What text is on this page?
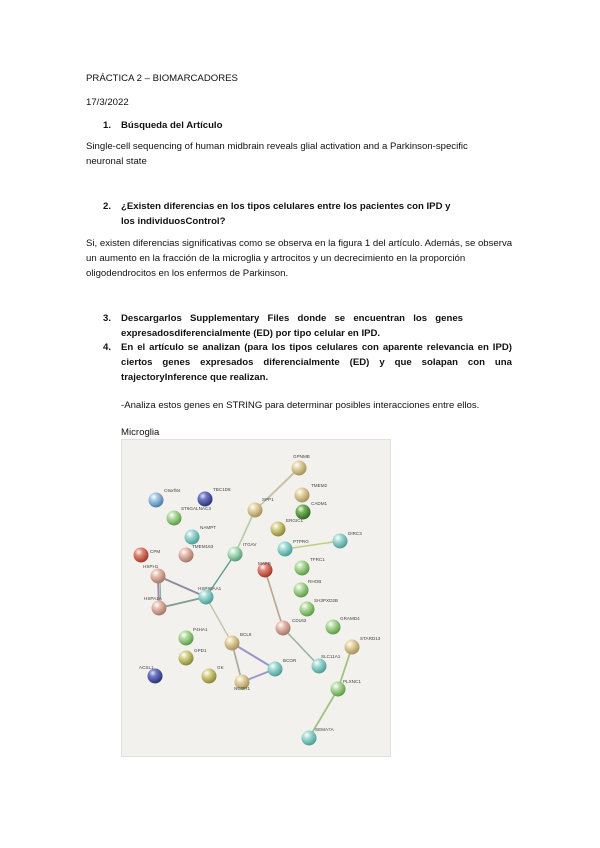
PRÁCTICA 2 – BIOMARCADORES
17/3/2022
1. Búsqueda del Artículo
Single-cell sequencing of human midbrain reveals glial activation and a Parkinson-specific neuronal state
2. ¿Existen diferencias en los tipos celulares entre los pacientes con IPD y los individuosControl?
Si, existen diferencias significativas como se observa en la figura 1 del artículo. Además, se observa un aumento en la fracción de la microglia y artrocitos y un decrecimiento en la proporción oligodendrocitos en los enfermos de Parkinson.
3. Descargarlos Supplementary Files donde se encuentran los genes expresadosdiferencialmente (ED) por tipo celular en IPD.
4. En el artículo se analizan (para los tipos celulares con aparente relevancia en IPD) ciertos genes expresados diferencialmente (ED) y que solapan con una trajectoryInference que realizan.
-Analiza estos genes en STRING para determinar posibles interacciones entre ellos.
Microglia
GPNMB
TMEM2
CADM1
SPP1
C9orf84	TBC1D8
ST6GALNAC3
NAMPT
CPM
TMEM163
ERGIC1
ITGAV
PTPRG
DIRC3
HSPH1
MAFB
TFRC1
RHOB
SH3PXD2B
HSPA1A
HSP90AA1
CD163	GRAMD4
P4HA1
BCL6
STARD13
GPD1
GK
SLC11A1
ACSL1
NCOR1
BCOR
PLXNC1
SEMA7A
